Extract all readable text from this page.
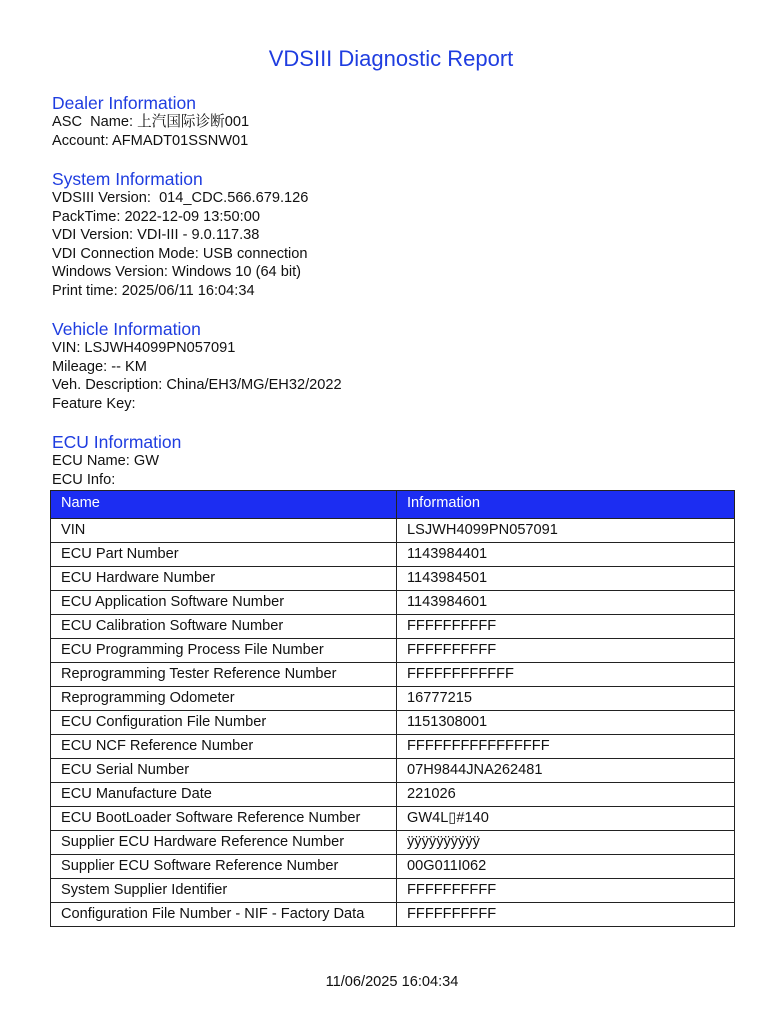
VDSIII Diagnostic Report
Dealer Information
ASC  Name: 上汽国际诊断001
Account: AFMADT01SSNW01
System Information
VDSIII Version:  014_CDC.566.679.126
PackTime: 2022-12-09 13:50:00
VDI Version: VDI-III - 9.0.117.38
VDI Connection Mode: USB connection
Windows Version: Windows 10 (64 bit)
Print time: 2025/06/11 16:04:34
Vehicle Information
VIN: LSJWH4099PN057091
Mileage: -- KM
Veh. Description: China/EH3/MG/EH32/2022
Feature Key:
ECU Information
ECU Name: GW
ECU Info:
Name	Information
VIN	LSJWH4099PN057091
ECU Part Number	1143984401
ECU Hardware Number	1143984501
ECU Application Software Number	1143984601
ECU Calibration Software Number	FFFFFFFFFF
ECU Programming Process File Number	FFFFFFFFFF
Reprogramming Tester Reference Number	FFFFFFFFFFFF
Reprogramming Odometer	16777215
ECU Configuration File Number	1151308001
ECU NCF Reference Number	FFFFFFFFFFFFFFFF
ECU Serial Number	07H9844JNA262481
ECU Manufacture Date	221026
ECU BootLoader Software Reference Number	GW4L▯#140
Supplier ECU Hardware Reference Number	ÿÿÿÿÿÿÿÿÿÿ
Supplier ECU Software Reference Number	00G011I062
System Supplier Identifier	FFFFFFFFFF
Configuration File Number - NIF - Factory Data	FFFFFFFFFF
11/06/2025 16:04:34
